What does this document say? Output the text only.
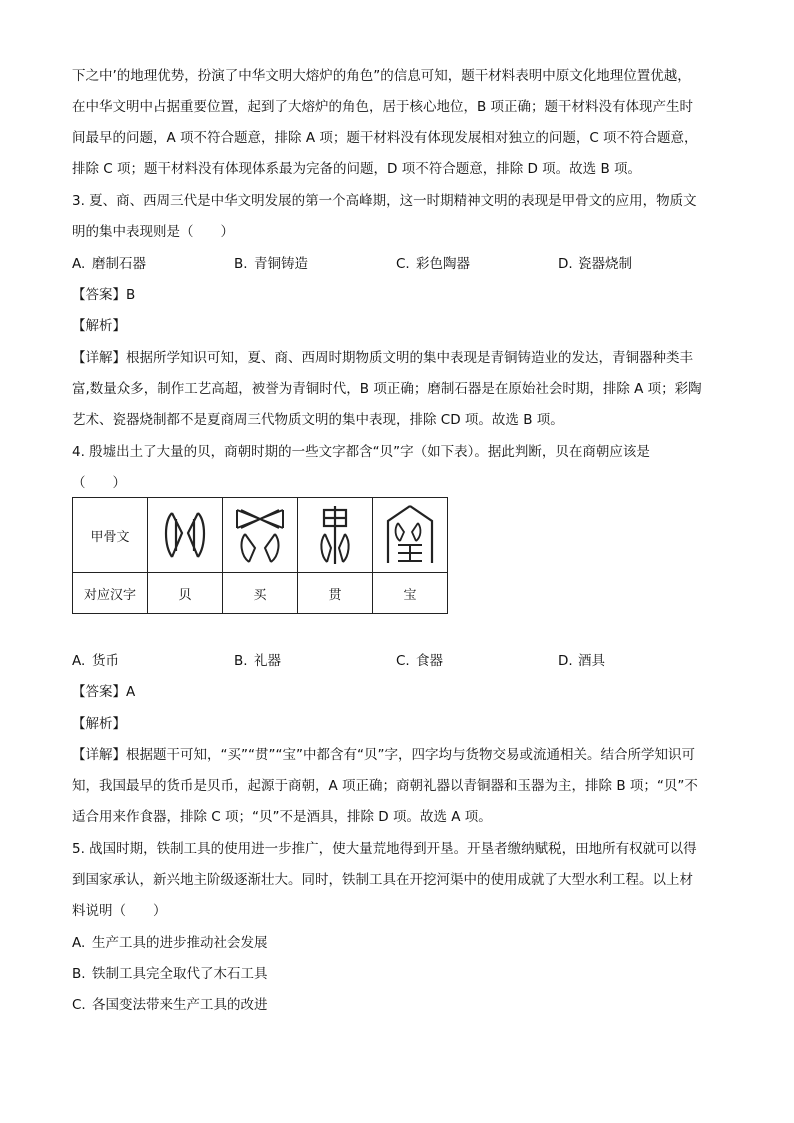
下之中’的地理优势，扮演了中华文明大熔炉的角色”的信息可知，题干材料表明中原文化地理位置优越，
在中华文明中占据重要位置，起到了大熔炉的角色，居于核心地位，B 项正确；题干材料没有体现产生时
间最早的问题，A 项不符合题意，排除 A 项；题干材料没有体现发展相对独立的问题，C 项不符合题意，
排除 C 项；题干材料没有体现体系最为完备的问题，D 项不符合题意，排除 D 项。故选 B 项。
3. 夏、商、西周三代是中华文明发展的第一个高峰期，这一时期精神文明的表现是甲骨文的应用，物质文
明的集中表现则是（　　）
A. 磨制石器	B. 青铜铸造	C. 彩色陶器	D. 瓷器烧制
【答案】B
【解析】
【详解】根据所学知识可知，夏、商、西周时期物质文明的集中表现是青铜铸造业的发达，青铜器种类丰
富,数量众多，制作工艺高超，被誉为青铜时代，B 项正确；磨制石器是在原始社会时期，排除 A 项；彩陶
艺术、瓷器烧制都不是夏商周三代物质文明的集中表现，排除 CD 项。故选 B 项。
4. 殷墟出土了大量的贝，商朝时期的一些文字都含“贝”字（如下表）。据此判断，贝在商朝应该是
（　　）
甲骨文	

对应汉字	贝	买	贯	宝
A. 货币	B. 礼器	C. 食器	D. 酒具
【答案】A
【解析】
【详解】根据题干可知，“买”“贯”“宝”中都含有“贝”字，四字均与货物交易或流通相关。结合所学知识可
知，我国最早的货币是贝币，起源于商朝，A 项正确；商朝礼器以青铜器和玉器为主，排除 B 项；“贝”不
适合用来作食器，排除 C 项；“贝”不是酒具，排除 D 项。故选 A 项。
5. 战国时期，铁制工具的使用进一步推广，使大量荒地得到开垦。开垦者缴纳赋税，田地所有权就可以得
到国家承认，新兴地主阶级逐渐壮大。同时，铁制工具在开挖河渠中的使用成就了大型水利工程。以上材
料说明（　　）
A. 生产工具的进步推动社会发展
B. 铁制工具完全取代了木石工具
C. 各国变法带来生产工具的改进
